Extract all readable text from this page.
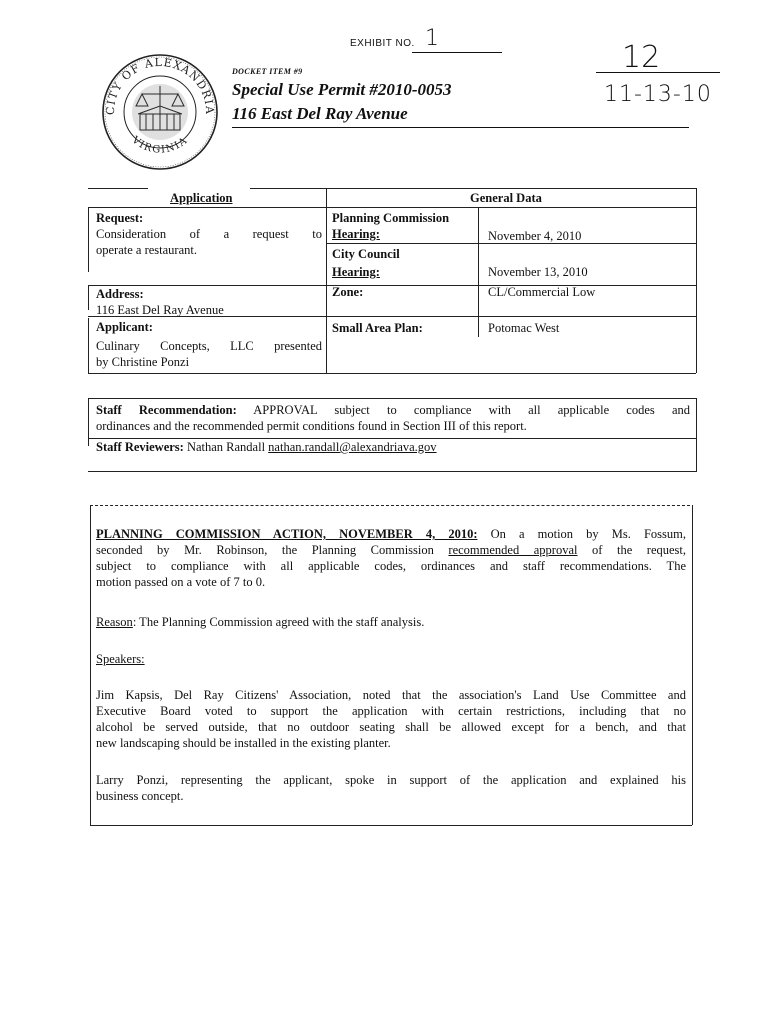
CITY OF ALEXANDRIA
VIRGINIA
EXHIBIT NO. 1
DOCKET ITEM #9
Special Use Permit #2010-0053
116 East Del Ray Avenue
12
11-13-10
Application	General Data
Request:
Consideration of a request to
operate a restaurant.
Address:
116 East Del Ray Avenue
Applicant:
Culinary Concepts, LLC presented
by Christine Ponzi
Planning Commission
Hearing:	November 4, 2010
City Council
Hearing:	November 13, 2010
Zone:	CL/Commercial Low
Small Area Plan:	Potomac West
Staff Recommendation: APPROVAL subject to compliance with all applicable codes and
ordinances and the recommended permit conditions found in Section III of this report.
Staff Reviewers: Nathan Randall nathan.randall@alexandriava.gov
PLANNING COMMISSION ACTION, NOVEMBER 4, 2010: On a motion by Ms. Fossum,
seconded by Mr. Robinson, the Planning Commission recommended approval of the request,
subject to compliance with all applicable codes, ordinances and staff recommendations. The
motion passed on a vote of 7 to 0.
Reason: The Planning Commission agreed with the staff analysis.
Speakers:
Jim Kapsis, Del Ray Citizens' Association, noted that the association's Land Use Committee and
Executive Board voted to support the application with certain restrictions, including that no
alcohol be served outside, that no outdoor seating shall be allowed except for a bench, and that
new landscaping should be installed in the existing planter.
Larry Ponzi, representing the applicant, spoke in support of the application and explained his
business concept.
